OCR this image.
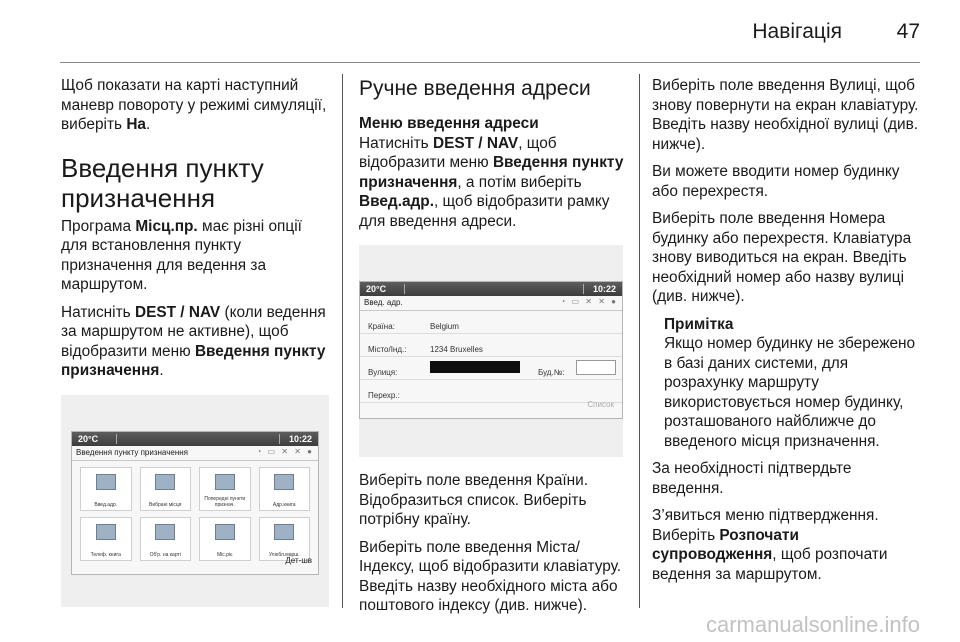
Навігація	47

Щоб показати на карті наступний маневр повороту у режимі симуляції, виберіть На.

Введення пункту призначення

Програма Місц.пр. має різні опції для встановлення пункту призначення для ведення за маршрутом.

Натисніть DEST / NAV (коли ведення за маршрутом не активне), щоб відобразити меню Введення пункту призначення.

20°C	10:22
Введення пункту призначення	◔ ▭ ✕ ✕ ●
Введ.адр.	Вибрані місця
Попередні пункти признач.	Адр.книга
Телеф. книга	Об'р. на карті	Міс.ріє	Улюбл.марш.
Дет-шв
Ручне введення адреси
Меню введення адреси

Натисніть DEST / NAV, щоб відобразити меню Введення пункту призначення, а потім виберіть Введ.адр., щоб відобразити рамку для введення адреси.

20°C	10:22
Введ. адр.	◔ ▭ ✕ ✕ ●
Країна:	Belgium
Місто/Інд.:	1234 Bruxelles
Вулиця:	Буд.№:
Перехр.:
Список

Виберіть поле введення Країни. Відобразиться список. Виберіть потрібну країну.

Виберіть поле введення Міста/Індексу, щоб відобразити клавіатуру. Введіть назву необхідного міста або поштового індексу (див. нижче).

Виберіть поле введення Вулиці, щоб знову повернути на екран клавіатуру. Введіть назву необхідної вулиці (див. нижче).

Ви можете вводити номер будинку або перехрестя.

Виберіть поле введення Номера будинку або перехрестя. Клавіатура знову виводиться на екран. Введіть необхідний номер або назву вулиці (див. нижче).

Примітка

Якщо номер будинку не збережено в базі даних системи, для розрахунку маршруту використовується номер будинку, розташованого найближче до введеного місця призначення.

За необхідності підтвердьте введення.

З’явиться меню підтвердження. Виберіть Розпочати супроводження, щоб розпочати ведення за маршрутом.

carmanualsonline.info
